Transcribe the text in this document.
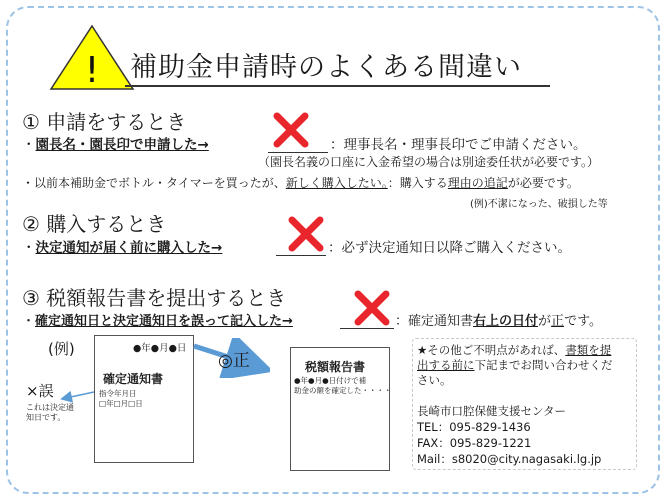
! 補助金申請時のよくある間違い
① 申請をするとき
・園長名・園長印で申請した→	：理事長名・理事長印でご申請ください。
（園長名義の口座に入金希望の場合は別途委任状が必要です。）
・以前本補助金でボトル・タイマーを買ったが、新しく購入したい。：購入する理由の追記が必要です。
(例)不潔になった、破損した等
② 購入するとき
・決定通知が届く前に購入した→	：必ず決定通知日以降ご購入ください。
③ 税額報告書を提出するとき
・確定通知日と決定通知日を誤って記入した→	：確定通知書右上の日付が正です。
(例)	●年●月●日
確定通知書
指令年月日
□年□月□日
◎正
×誤
これは決定通
知日です。
税額報告書
●年●月●日付けで補
助金の額を確定した・・・・
★その他ご不明点があれば、書類を提
出する前に下記までお問い合わせくだ
さい。
長崎市口腔保健支援センター
TEL：095-829-1436
FAX：095-829-1221
Mail：s8020@city.nagasaki.lg.jp
